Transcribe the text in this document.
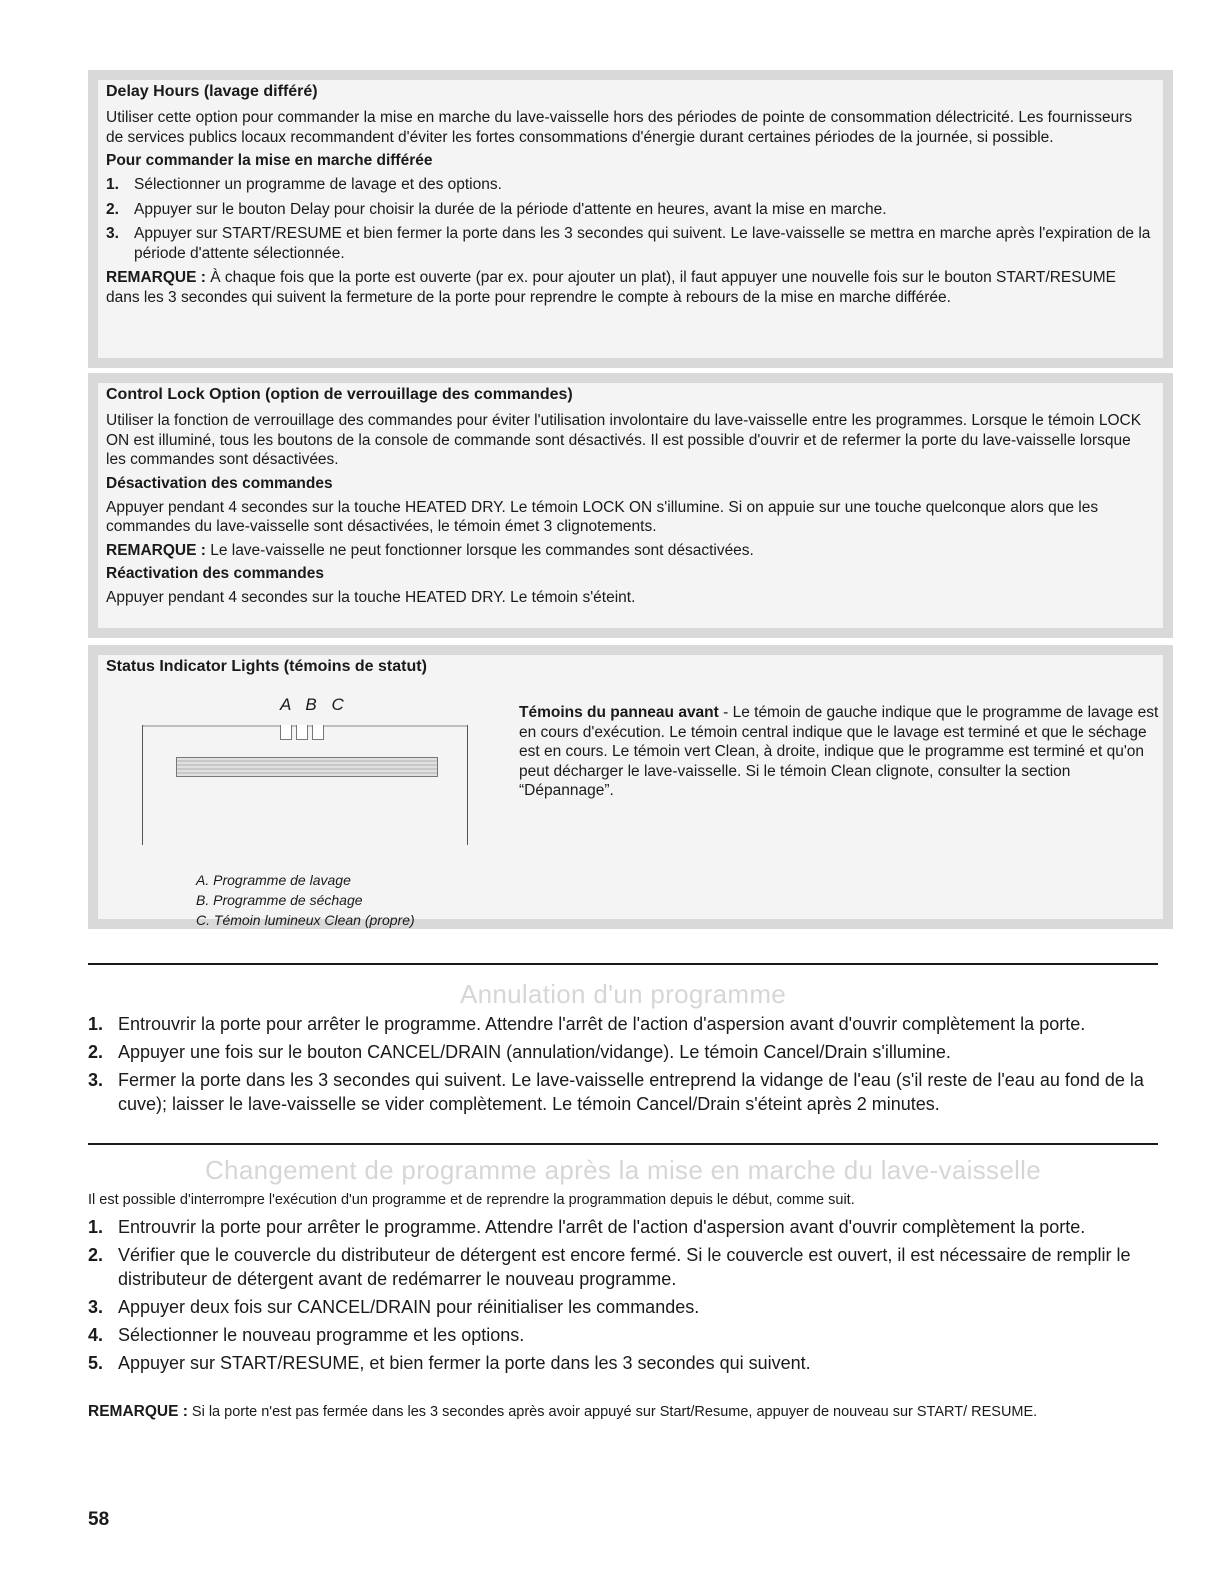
Delay Hours (lavage différé)
Utiliser cette option pour commander la mise en marche du lave-vaisselle hors des périodes de pointe de consommation délectricité. Les fournisseurs de services publics locaux recommandent d'éviter les fortes consommations d'énergie durant certaines périodes de la journée, si possible.
Pour commander la mise en marche différée
1. Sélectionner un programme de lavage et des options.
2. Appuyer sur le bouton Delay pour choisir la durée de la période d'attente en heures, avant la mise en marche.
3. Appuyer sur START/RESUME et bien fermer la porte dans les 3 secondes qui suivent. Le lave-vaisselle se mettra en marche après l'expiration de la période d'attente sélectionnée.
REMARQUE : À chaque fois que la porte est ouverte (par ex. pour ajouter un plat), il faut appuyer une nouvelle fois sur le bouton START/RESUME dans les 3 secondes qui suivent la fermeture de la porte pour reprendre le compte à rebours de la mise en marche différée.
Control Lock Option (option de verrouillage des commandes)
Utiliser la fonction de verrouillage des commandes pour éviter l'utilisation involontaire du lave-vaisselle entre les programmes. Lorsque le témoin LOCK ON est illuminé, tous les boutons de la console de commande sont désactivés. Il est possible d'ouvrir et de refermer la porte du lave-vaisselle lorsque les commandes sont désactivées.
Désactivation des commandes
Appuyer pendant 4 secondes sur la touche HEATED DRY. Le témoin LOCK ON s'illumine. Si on appuie sur une touche quelconque alors que les commandes du lave-vaisselle sont désactivées, le témoin émet 3 clignotements.
REMARQUE : Le lave-vaisselle ne peut fonctionner lorsque les commandes sont désactivées.
Réactivation des commandes
Appuyer pendant 4 secondes sur la touche HEATED DRY. Le témoin s'éteint.
Status Indicator Lights (témoins de statut)
A B C
A. Programme de lavage
B. Programme de séchage
C. Témoin lumineux Clean (propre)
Témoins du panneau avant - Le témoin de gauche indique que le programme de lavage est en cours d'exécution. Le témoin central indique que le lavage est terminé et que le séchage est en cours. Le témoin vert Clean, à droite, indique que le programme est terminé et qu'on peut décharger le lave-vaisselle. Si le témoin Clean clignote, consulter la section “Dépannage”.
Annulation d'un programme
1. Entrouvrir la porte pour arrêter le programme. Attendre l'arrêt de l'action d'aspersion avant d'ouvrir complètement la porte.
2. Appuyer une fois sur le bouton CANCEL/DRAIN (annulation/vidange). Le témoin Cancel/Drain s'illumine.
3. Fermer la porte dans les 3 secondes qui suivent. Le lave-vaisselle entreprend la vidange de l'eau (s'il reste de l'eau au fond de la cuve); laisser le lave-vaisselle se vider complètement. Le témoin Cancel/Drain s'éteint après 2 minutes.
Changement de programme après la mise en marche du lave-vaisselle
Il est possible d'interrompre l'exécution d'un programme et de reprendre la programmation depuis le début, comme suit.
1. Entrouvrir la porte pour arrêter le programme. Attendre l'arrêt de l'action d'aspersion avant d'ouvrir complètement la porte.
2. Vérifier que le couvercle du distributeur de détergent est encore fermé. Si le couvercle est ouvert, il est nécessaire de remplir le distributeur de détergent avant de redémarrer le nouveau programme.
3. Appuyer deux fois sur CANCEL/DRAIN pour réinitialiser les commandes.
4. Sélectionner le nouveau programme et les options.
5. Appuyer sur START/RESUME, et bien fermer la porte dans les 3 secondes qui suivent.
REMARQUE : Si la porte n'est pas fermée dans les 3 secondes après avoir appuyé sur Start/Resume, appuyer de nouveau sur START/ RESUME.
58
